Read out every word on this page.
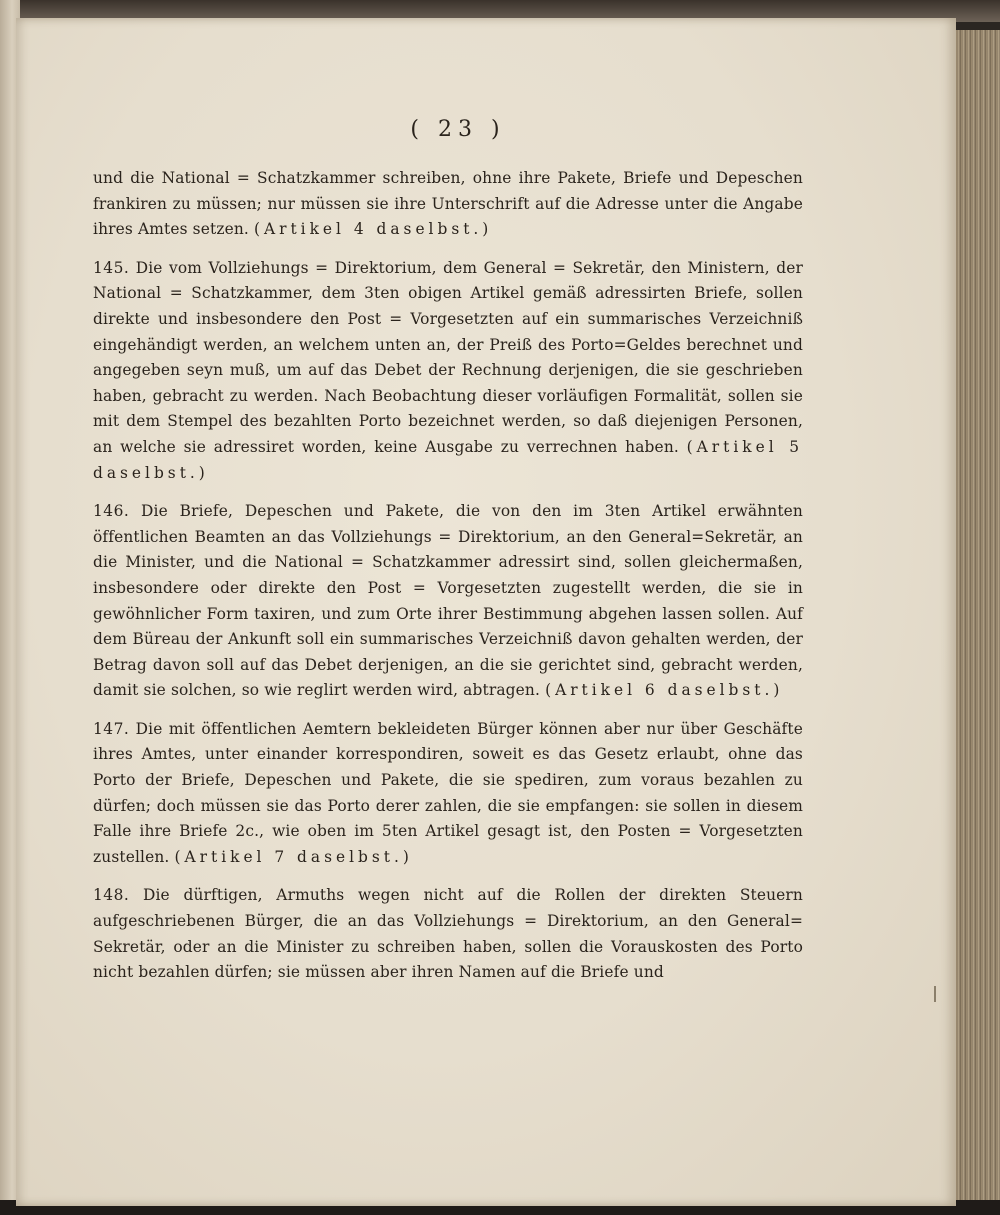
( 23 )

und die National = Schatzkammer schreiben, ohne ihre Pakete, Briefe und Depeschen frankiren zu müssen; nur müssen sie ihre Unterschrift auf die Adresse unter die Angabe ihres Amtes setzen. (Artikel 4 daselbst.)

145. Die vom Vollziehungs = Direktorium, dem General = Sekretär, den Ministern, der National = Schatzkammer, dem 3ten obigen Artikel gemäß adressirten Briefe, sollen direkte und insbesondere den Post = Vorgesetzten auf ein summarisches Verzeichniß eingehändigt werden, an welchem unten an, der Preiß des Porto=Geldes berechnet und angegeben seyn muß, um auf das Debet der Rechnung derjenigen, die sie geschrieben haben, gebracht zu werden. Nach Beobachtung dieser vorläufigen Formalität, sollen sie mit dem Stempel des bezahlten Porto bezeichnet werden, so daß diejenigen Personen, an welche sie adressiret worden, keine Ausgabe zu verrechnen haben. (Artikel 5 daselbst.)

146. Die Briefe, Depeschen und Pakete, die von den im 3ten Artikel erwähnten öffentlichen Beamten an das Vollziehungs = Direktorium, an den General=Sekretär, an die Minister, und die National = Schatzkammer adressirt sind, sollen gleichermaßen, insbesondere oder direkte den Post = Vorgesetzten zugestellt werden, die sie in gewöhnlicher Form taxiren, und zum Orte ihrer Bestimmung abgehen lassen sollen. Auf dem Büreau der Ankunft soll ein summarisches Verzeichniß davon gehalten werden, der Betrag davon soll auf das Debet derjenigen, an die sie gerichtet sind, gebracht werden, damit sie solchen, so wie reglirt werden wird, abtragen. (Artikel 6 daselbst.)

147. Die mit öffentlichen Aemtern bekleideten Bürger können aber nur über Geschäfte ihres Amtes, unter einander korrespondiren, soweit es das Gesetz erlaubt, ohne das Porto der Briefe, Depeschen und Pakete, die sie spediren, zum voraus bezahlen zu dürfen; doch müssen sie das Porto derer zahlen, die sie empfangen: sie sollen in diesem Falle ihre Briefe 2c., wie oben im 5ten Artikel gesagt ist, den Posten = Vorgesetzten zustellen. (Artikel 7 daselbst.)

148. Die dürftigen, Armuths wegen nicht auf die Rollen der direkten Steuern aufgeschriebenen Bürger, die an das Vollziehungs = Direktorium, an den General= Sekretär, oder an die Minister zu schreiben haben, sollen die Vorauskosten des Porto nicht bezahlen dürfen; sie müssen aber ihren Namen auf die Briefe und
